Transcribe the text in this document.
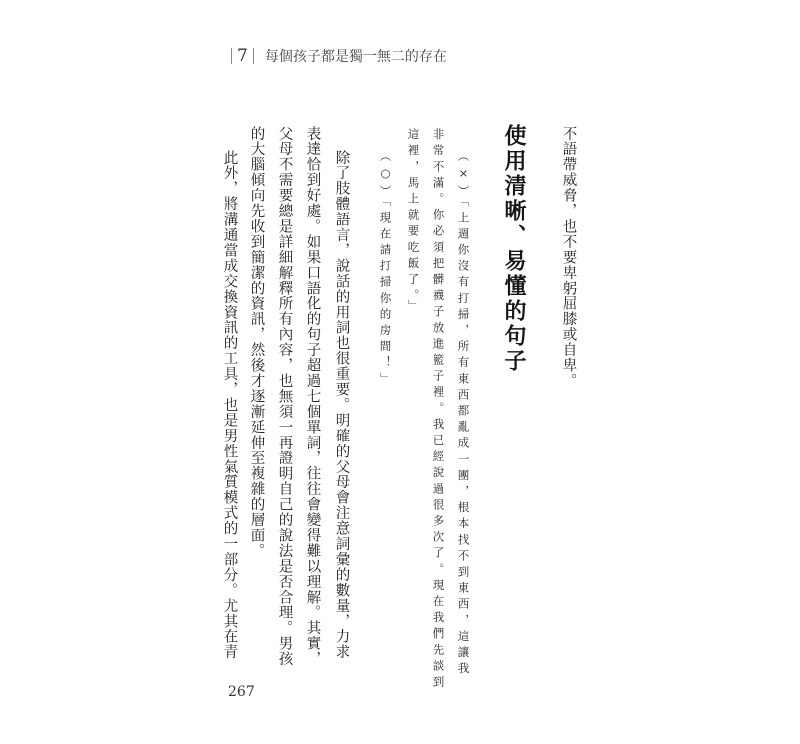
7 每個孩子都是獨一無二的存在
不語帶威脅，也不要卑躬屈膝或自卑。
使用清晰、易懂的句子
（×）「上週你沒有打掃，所有東西都亂成一團，根本找不到東西，這讓我
非常不滿。你必須把髒襪子放進籃子裡。我已經說過很多次了。現在我們先談到
這裡，馬上就要吃飯了。」
（○）「現在請打掃你的房間！」
除了肢體語言，說話的用詞也很重要。明確的父母會注意詞彙的數量，力求
表達恰到好處。如果口語化的句子超過七個單詞，往往會變得難以理解。其實，
父母不需要總是詳細解釋所有內容，也無須一再證明自己的說法是否合理。男孩
的大腦傾向先收到簡潔的資訊，然後才逐漸延伸至複雜的層面。
此外，將溝通當成交換資訊的工具，也是男性氣質模式的一部分。尤其在青
267
